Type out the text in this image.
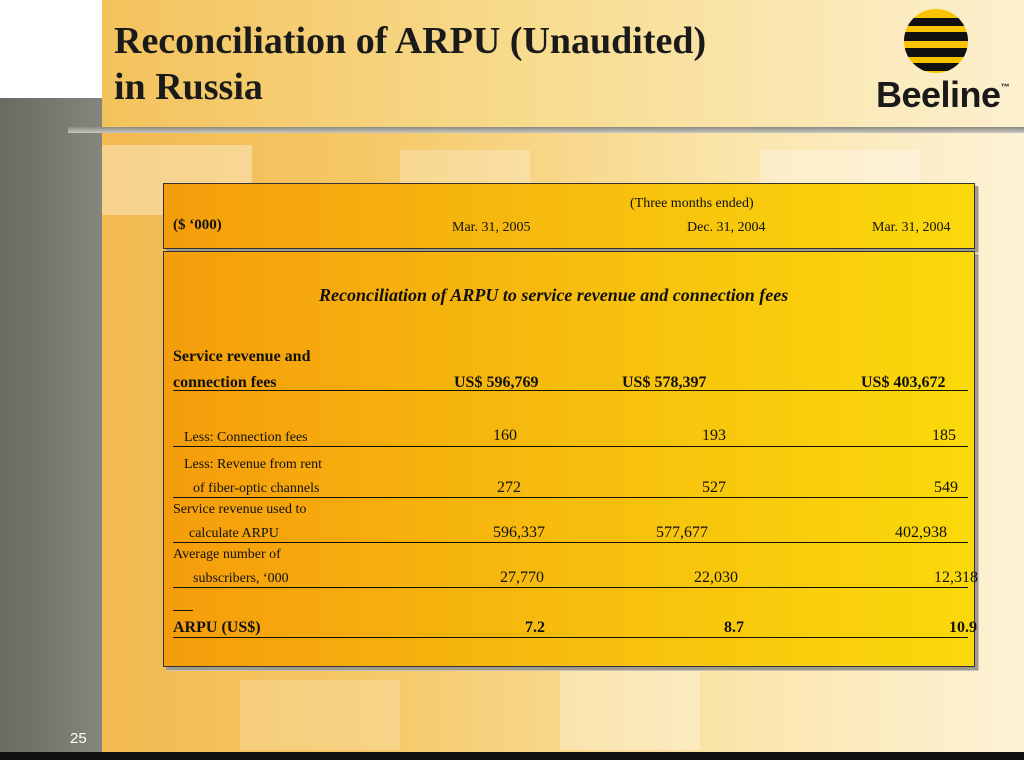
Reconciliation of ARPU (Unaudited)
in Russia	Beeline™
(Three months ended)
($ ‘000)	Mar. 31, 2005	Dec. 31, 2004	Mar. 31, 2004
Reconciliation of ARPU to service revenue and connection fees
Service revenue and
connection fees	US$ 596,769	US$ 578,397	US$ 403,672
Less: Connection fees	160	193	185
Less: Revenue from rent
of fiber-optic channels	272	527	549
Service revenue used to
calculate ARPU	596,337	577,677	402,938
Average number of
subscribers, ‘000	27,770	22,030	12,318
ARPU (US$)	7.2	8.7	10.9
25
